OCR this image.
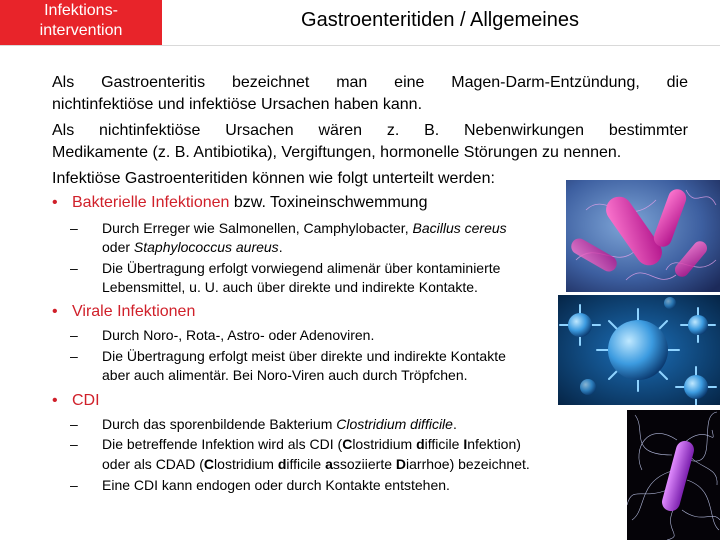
Infektions-
intervention	Gastroenteritiden / Allgemeines
Als Gastroenteritis bezeichnet man eine Magen-Darm-Entzündung, die
nichtinfektiöse und infektiöse Ursachen haben kann.
Als nichtinfektiöse Ursachen wären z. B. Nebenwirkungen bestimmter
Medikamente (z. B. Antibiotika), Vergiftungen, hormonelle Störungen zu nennen.
Infektiöse Gastroenteritiden können wie folgt unterteilt werden:
• Bakterielle Infektionen bzw. Toxineinschwemmung
– Durch Erreger wie Salmonellen, Camphylobacter, Bacillus cereus
oder Staphylococcus aureus.
– Die Übertragung erfolgt vorwiegend alimenär über kontaminierte
Lebensmittel, u. U. auch über direkte und indirekte Kontakte.
• Virale Infektionen
– Durch Noro-, Rota-, Astro- oder Adenoviren.
– Die Übertragung erfolgt meist über direkte und indirekte Kontakte
aber auch alimentär. Bei Noro-Viren auch durch Tröpfchen.
• CDI
– Durch das sporenbildende Bakterium Clostridium difficile.
– Die betreffende Infektion wird als CDI (Clostridium difficile Infektion)
oder als CDAD (Clostridium difficile assoziierte Diarrhoe) bezeichnet.
– Eine CDI kann endogen oder durch Kontakte entstehen.
